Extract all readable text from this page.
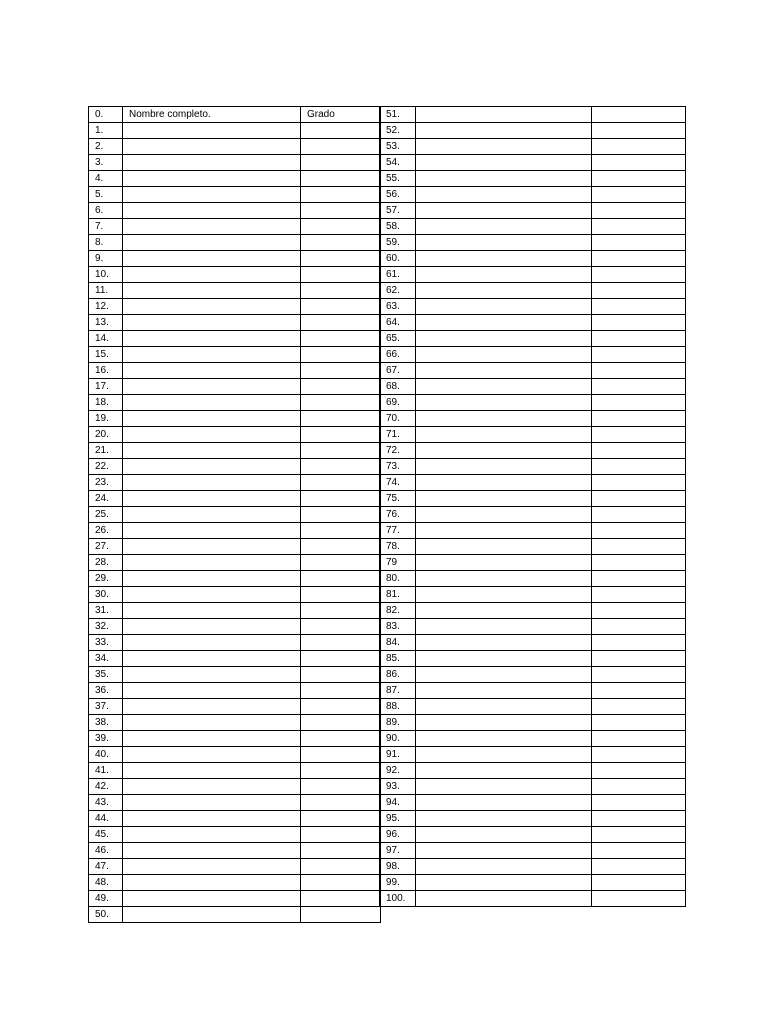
0.	Nombre completo.	Grado
1.		
2.		
3.		
4.		
5.		
6.		
7.		
8.		
9.		
10.		
11.		
12.		
13.		
14.		
15.		
16.		
17.		
18.		
19.		
20.		
21.		
22.		
23.		
24.		
25.		
26.		
27.		
28.		
29.		
30.		
31.		
32.		
33.		
34.		
35.		
36.		
37.		
38.		
39.		
40.		
41.		
42.		
43.		
44.		
45.		
46.		
47.		
48.		
49.		
50.		
51.		
52.		
53.		
54.		
55.		
56.		
57.		
58.		
59.		
60.		
61.		
62.		
63.		
64.		
65.		
66.		
67.		
68.		
69.		
70.		
71.		
72.		
73.		
74.		
75.		
76.		
77.		
78.		
79		
80.		
81.		
82.		
83.		
84.		
85.		
86.		
87.		
88.		
89.		
90.		
91.		
92.		
93.		
94.		
95.		
96.		
97.		
98.		
99.		
100.		
